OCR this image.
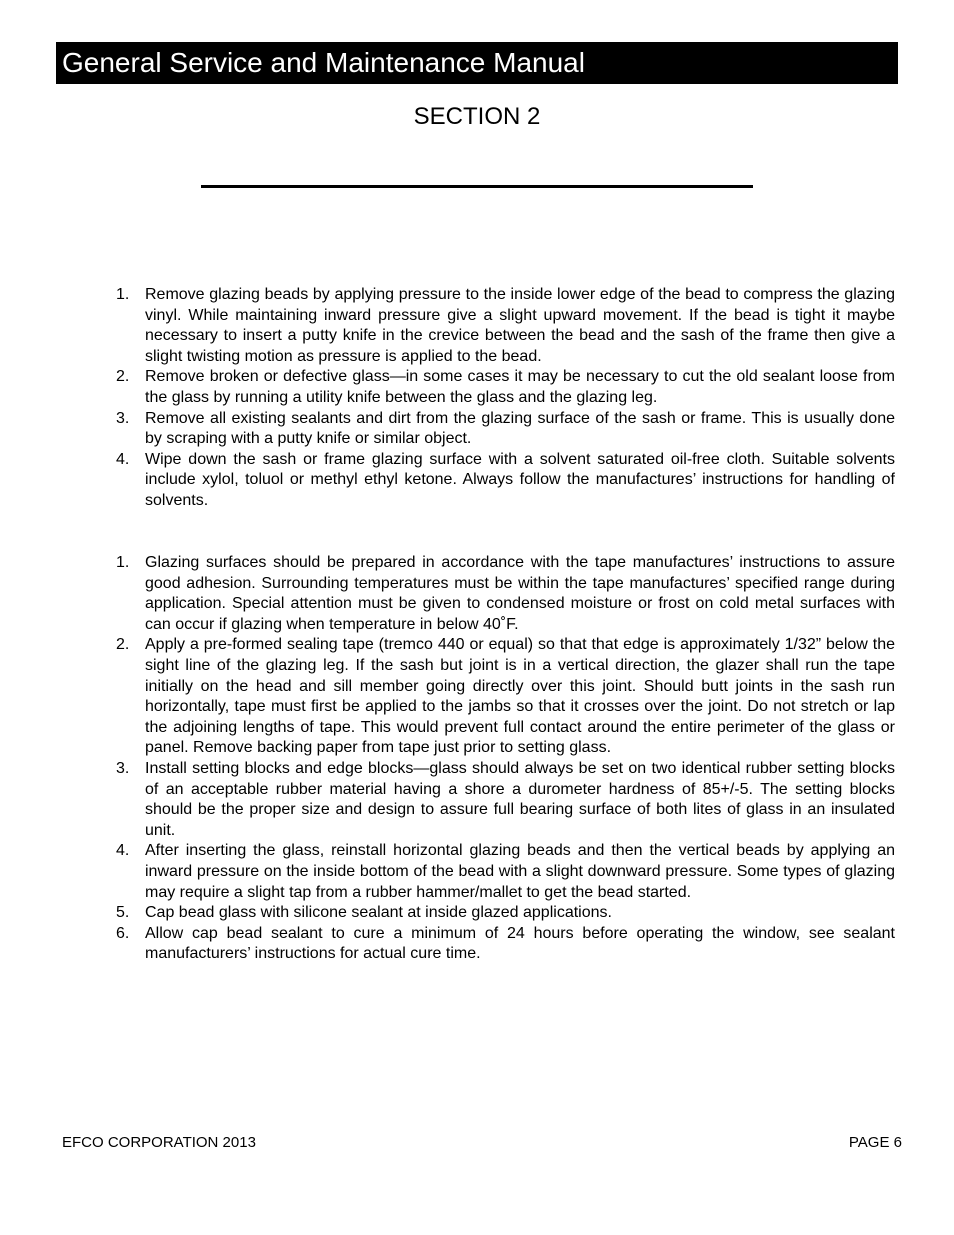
General Service and Maintenance Manual
SECTION 2
1. Remove glazing beads by applying pressure to the inside lower edge of the bead to compress the glazing vinyl. While maintaining inward pressure give a slight upward movement. If the bead is tight it maybe necessary to insert a putty knife in the crevice between the bead and the sash of the frame then give a slight twisting motion as pressure is applied to the bead.
2. Remove broken or defective glass—in some cases it may be necessary to cut the old sealant loose from the glass by running a utility knife between the glass and the glazing leg.
3. Remove all existing sealants and dirt from the glazing surface of the sash or frame. This is usually done by scraping with a putty knife or similar object.
4. Wipe down the sash or frame glazing surface with a solvent saturated oil-free cloth. Suitable solvents include xylol, toluol or methyl ethyl ketone. Always follow the manufactures’ instructions for handling of solvents.
1. Glazing surfaces should be prepared in accordance with the tape manufactures’ instructions to assure good adhesion. Surrounding temperatures must be within the tape manufactures’ specified range during application. Special attention must be given to condensed moisture or frost on cold metal surfaces with can occur if glazing when temperature in below 40˚F.
2. Apply a pre-formed sealing tape (tremco 440 or equal) so that that edge is approximately 1/32” below the sight line of the glazing leg. If the sash but joint is in a vertical direction, the glazer shall run the tape initially on the head and sill member going directly over this joint. Should butt joints in the sash run horizontally, tape must first be applied to the jambs so that it crosses over the joint. Do not stretch or lap the adjoining lengths of tape. This would prevent full contact around the entire perimeter of the glass or panel. Remove backing paper from tape just prior to setting glass.
3. Install setting blocks and edge blocks—glass should always be set on two identical rubber setting blocks of an acceptable rubber material having a shore a durometer hardness of 85+/-5. The setting blocks should be the proper size and design to assure full bearing surface of both lites of glass in an insulated unit.
4. After inserting the glass, reinstall horizontal glazing beads and then the vertical beads by applying an inward pressure on the inside bottom of the bead with a slight downward pressure. Some types of glazing may require a slight tap from a rubber hammer/mallet to get the bead started.
5. Cap bead glass with silicone sealant at inside glazed applications.
6. Allow cap bead sealant to cure a minimum of 24 hours before operating the window, see sealant manufacturers’ instructions for actual cure time.
EFCO CORPORATION 2013	PAGE 6
